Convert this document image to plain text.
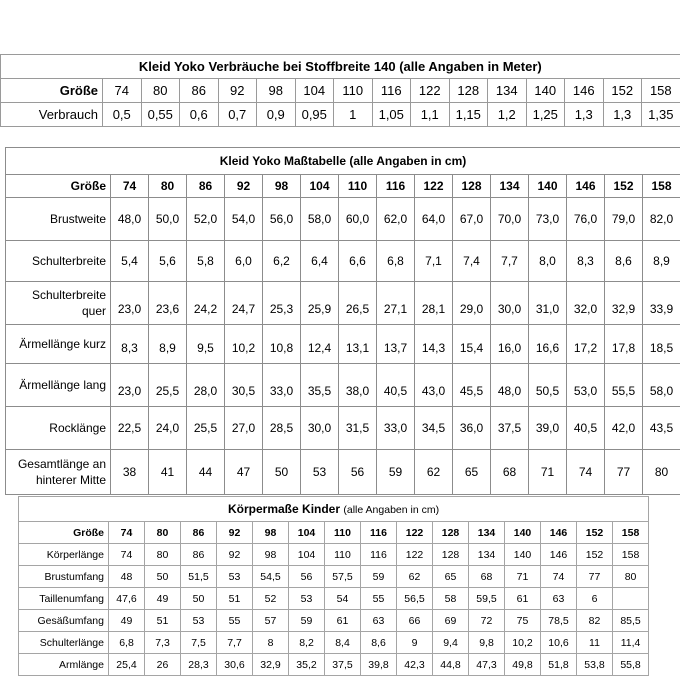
Kleid Yoko Verbräuche bei Stoffbreite 140 (alle Angaben in Meter)															
Größe	74	80	86	92	98	104	110	116	122	128	134	140	146	152	158
Verbrauch	0,5	0,55	0,6	0,7	0,9	0,95	1	1,05	1,1	1,15	1,2	1,25	1,3	1,3	1,35
Kleid Yoko Maßtabelle (alle Angaben in cm)															
Größe	74	80	86	92	98	104	110	116	122	128	134	140	146	152	158
Brustweite	48,0	50,0	52,0	54,0	56,0	58,0	60,0	62,0	64,0	67,0	70,0	73,0	76,0	79,0	82,0
Schulterbreite	5,4	5,6	5,8	6,0	6,2	6,4	6,6	6,8	7,1	7,4	7,7	8,0	8,3	8,6	8,9
Schulterbreite quer	23,0	23,6	24,2	24,7	25,3	25,9	26,5	27,1	28,1	29,0	30,0	31,0	32,0	32,9	33,9
Ärmellänge kurz	8,3	8,9	9,5	10,2	10,8	12,4	13,1	13,7	14,3	15,4	16,0	16,6	17,2	17,8	18,5
Ärmellänge lang	23,0	25,5	28,0	30,5	33,0	35,5	38,0	40,5	43,0	45,5	48,0	50,5	53,0	55,5	58,0
Rocklänge	22,5	24,0	25,5	27,0	28,5	30,0	31,5	33,0	34,5	36,0	37,5	39,0	40,5	42,0	43,5
Gesamtlänge an hinterer Mitte	38	41	44	47	50	53	56	59	62	65	68	71	74	77	80
Körpermaße Kinder (alle Angaben in cm)															
Größe	74	80	86	92	98	104	110	116	122	128	134	140	146	152	158
Körperlänge	74	80	86	92	98	104	110	116	122	128	134	140	146	152	158
Brustumfang	48	50	51,5	53	54,5	56	57,5	59	62	65	68	71	74	77	80
Taillenumfang	47,6	49	50	51	52	53	54	55	56,5	58	59,5	61	63	6	
Gesäßumfang	49	51	53	55	57	59	61	63	66	69	72	75	78,5	82	85,5
Schulterlänge	6,8	7,3	7,5	7,7	8	8,2	8,4	8,6	9	9,4	9,8	10,2	10,6	11	11,4
Armlänge	25,4	26	28,3	30,6	32,9	35,2	37,5	39,8	42,3	44,8	47,3	49,8	51,8	53,8	55,8
